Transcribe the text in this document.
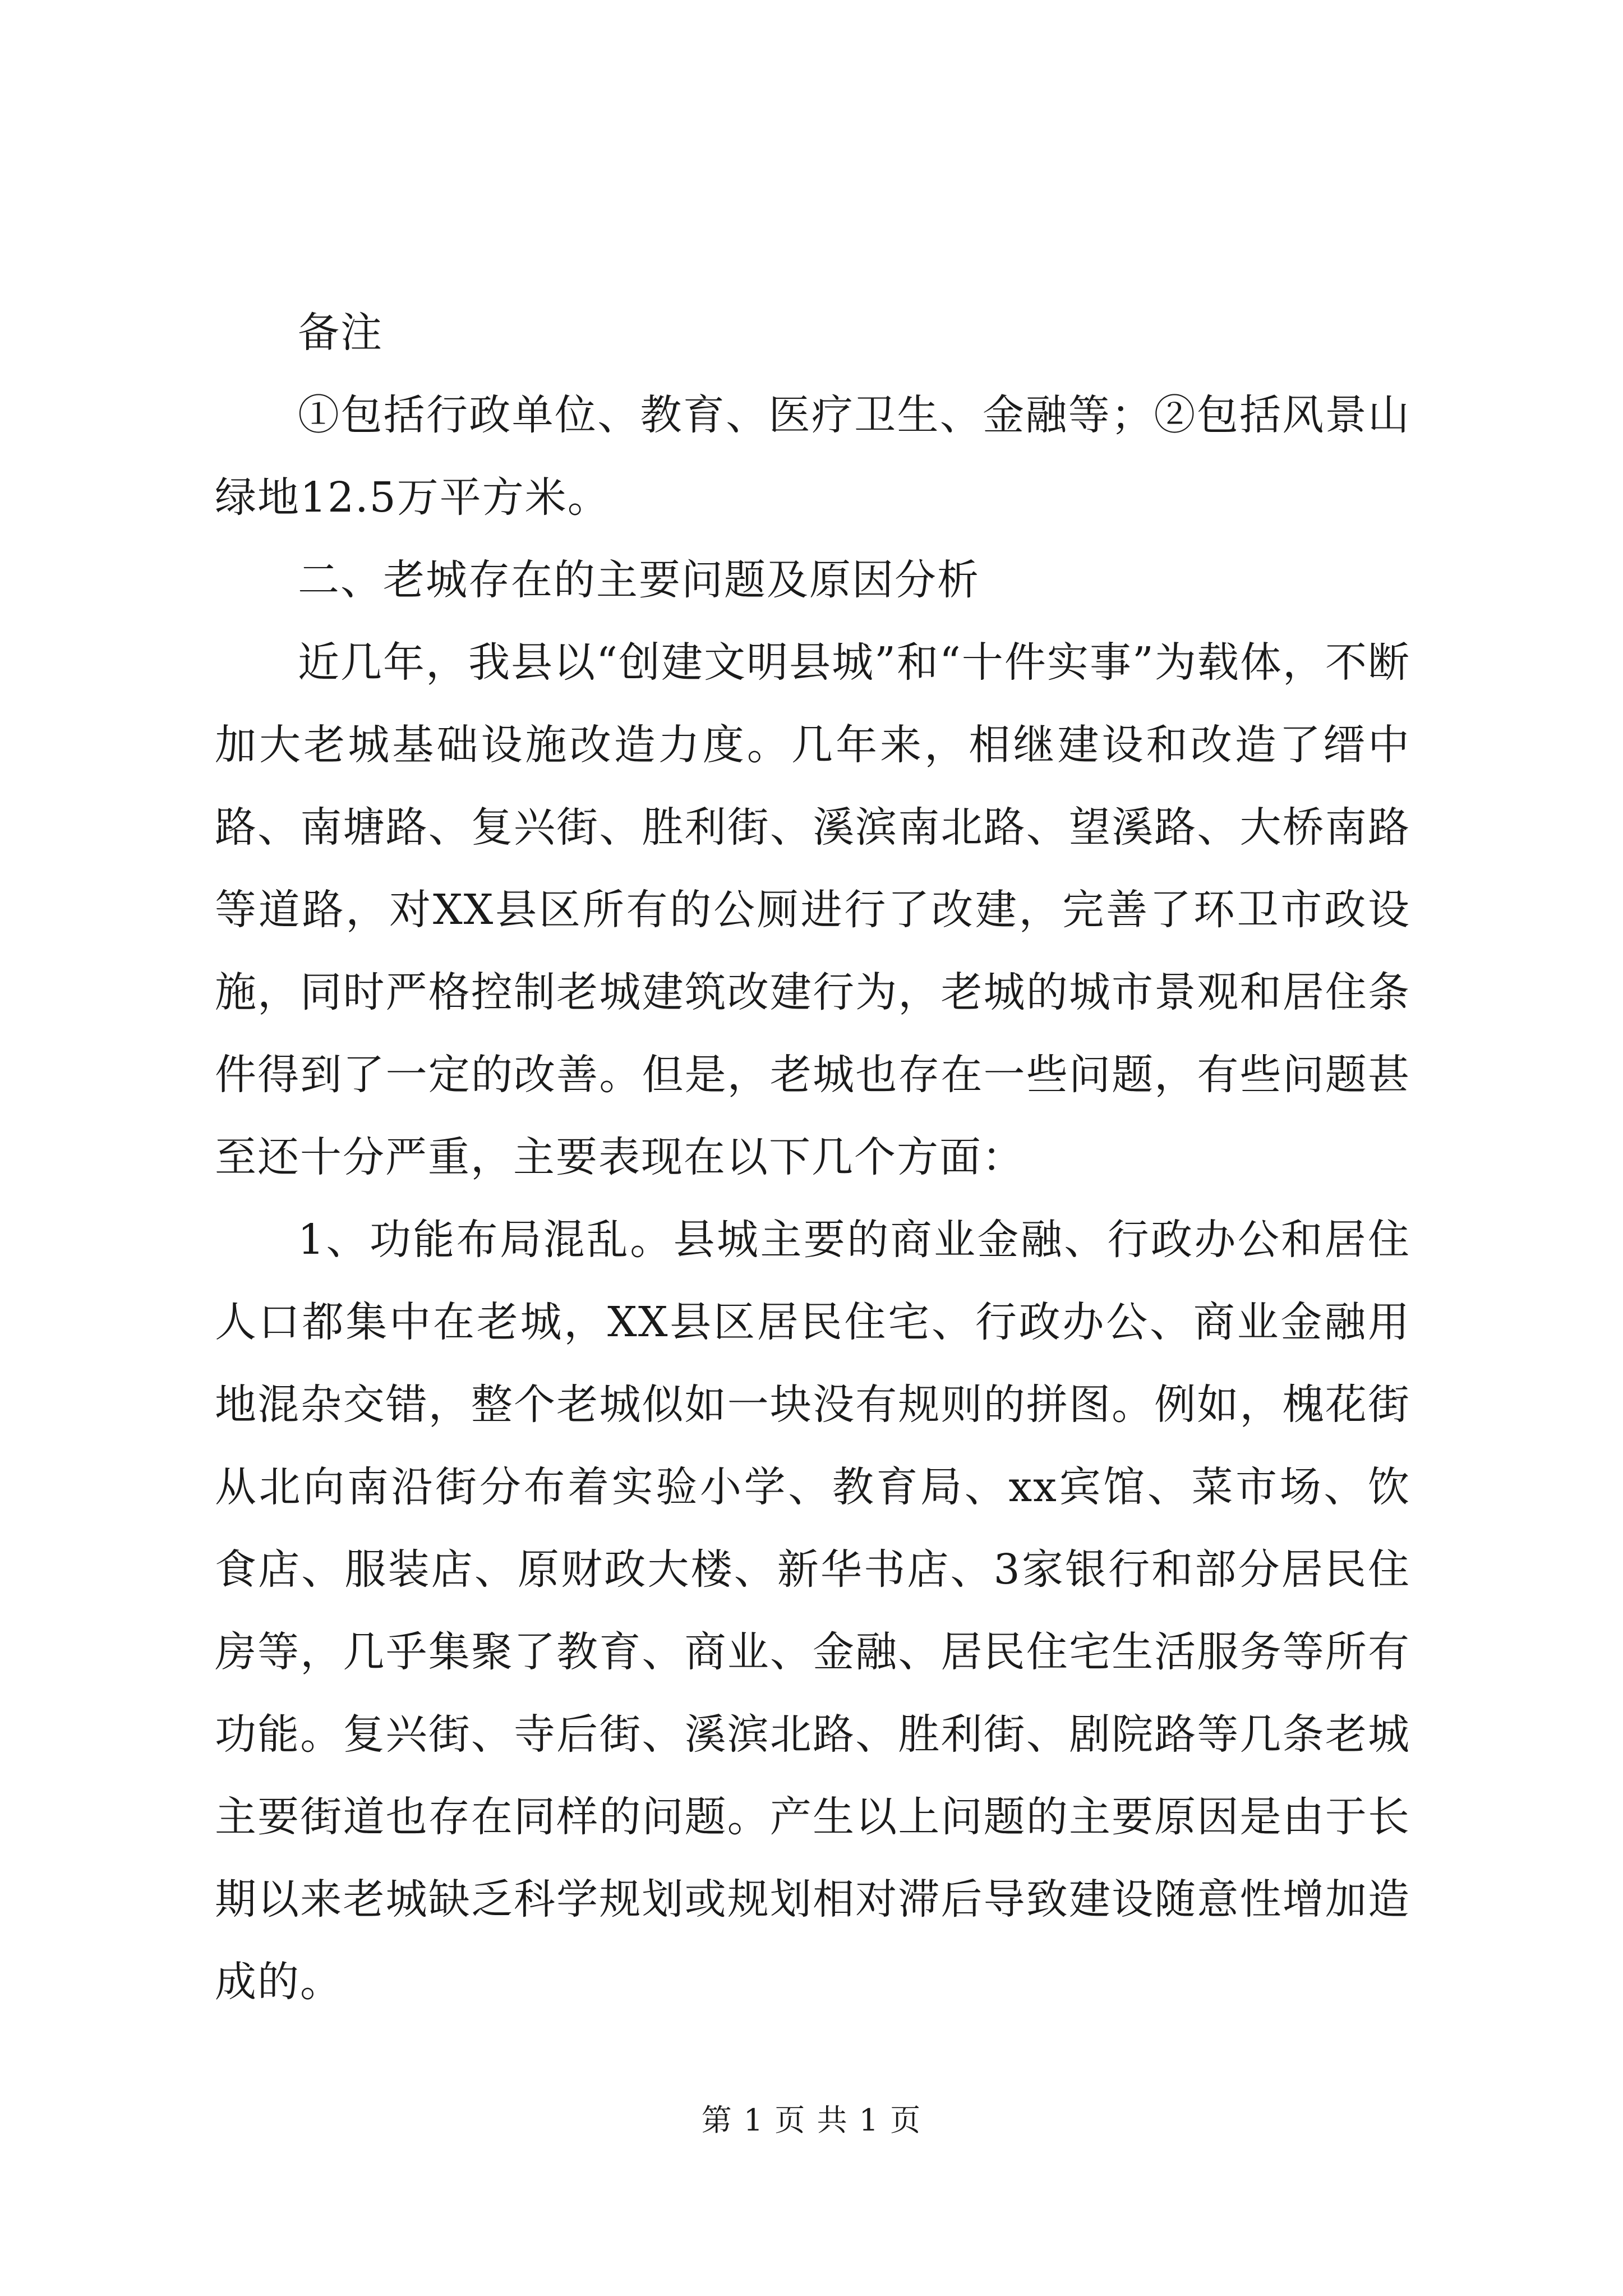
备注

①包括行政单位、教育、医疗卫生、金融等；②包括风景山绿地12.5万平方米。

二、老城存在的主要问题及原因分析

近几年，我县以“创建文明县城”和“十件实事”为载体，不断加大老城基础设施改造力度。几年来，相继建设和改造了缙中路、南塘路、复兴街、胜利街、溪滨南北路、望溪路、大桥南路等道路，对XX县区所有的公厕进行了改建，完善了环卫市政设施，同时严格控制老城建筑改建行为，老城的城市景观和居住条件得到了一定的改善。但是，老城也存在一些问题，有些问题甚至还十分严重，主要表现在以下几个方面：

1、功能布局混乱。县城主要的商业金融、行政办公和居住人口都集中在老城，XX县区居民住宅、行政办公、商业金融用地混杂交错，整个老城似如一块没有规则的拼图。例如，槐花街从北向南沿街分布着实验小学、教育局、xx宾馆、菜市场、饮食店、服装店、原财政大楼、新华书店、3家银行和部分居民住房等，几乎集聚了教育、商业、金融、居民住宅生活服务等所有功能。复兴街、寺后街、溪滨北路、胜利街、剧院路等几条老城主要街道也存在同样的问题。产生以上问题的主要原因是由于长期以来老城缺乏科学规划或规划相对滞后导致建设随意性增加造成的。

第 1 页 共 1 页
